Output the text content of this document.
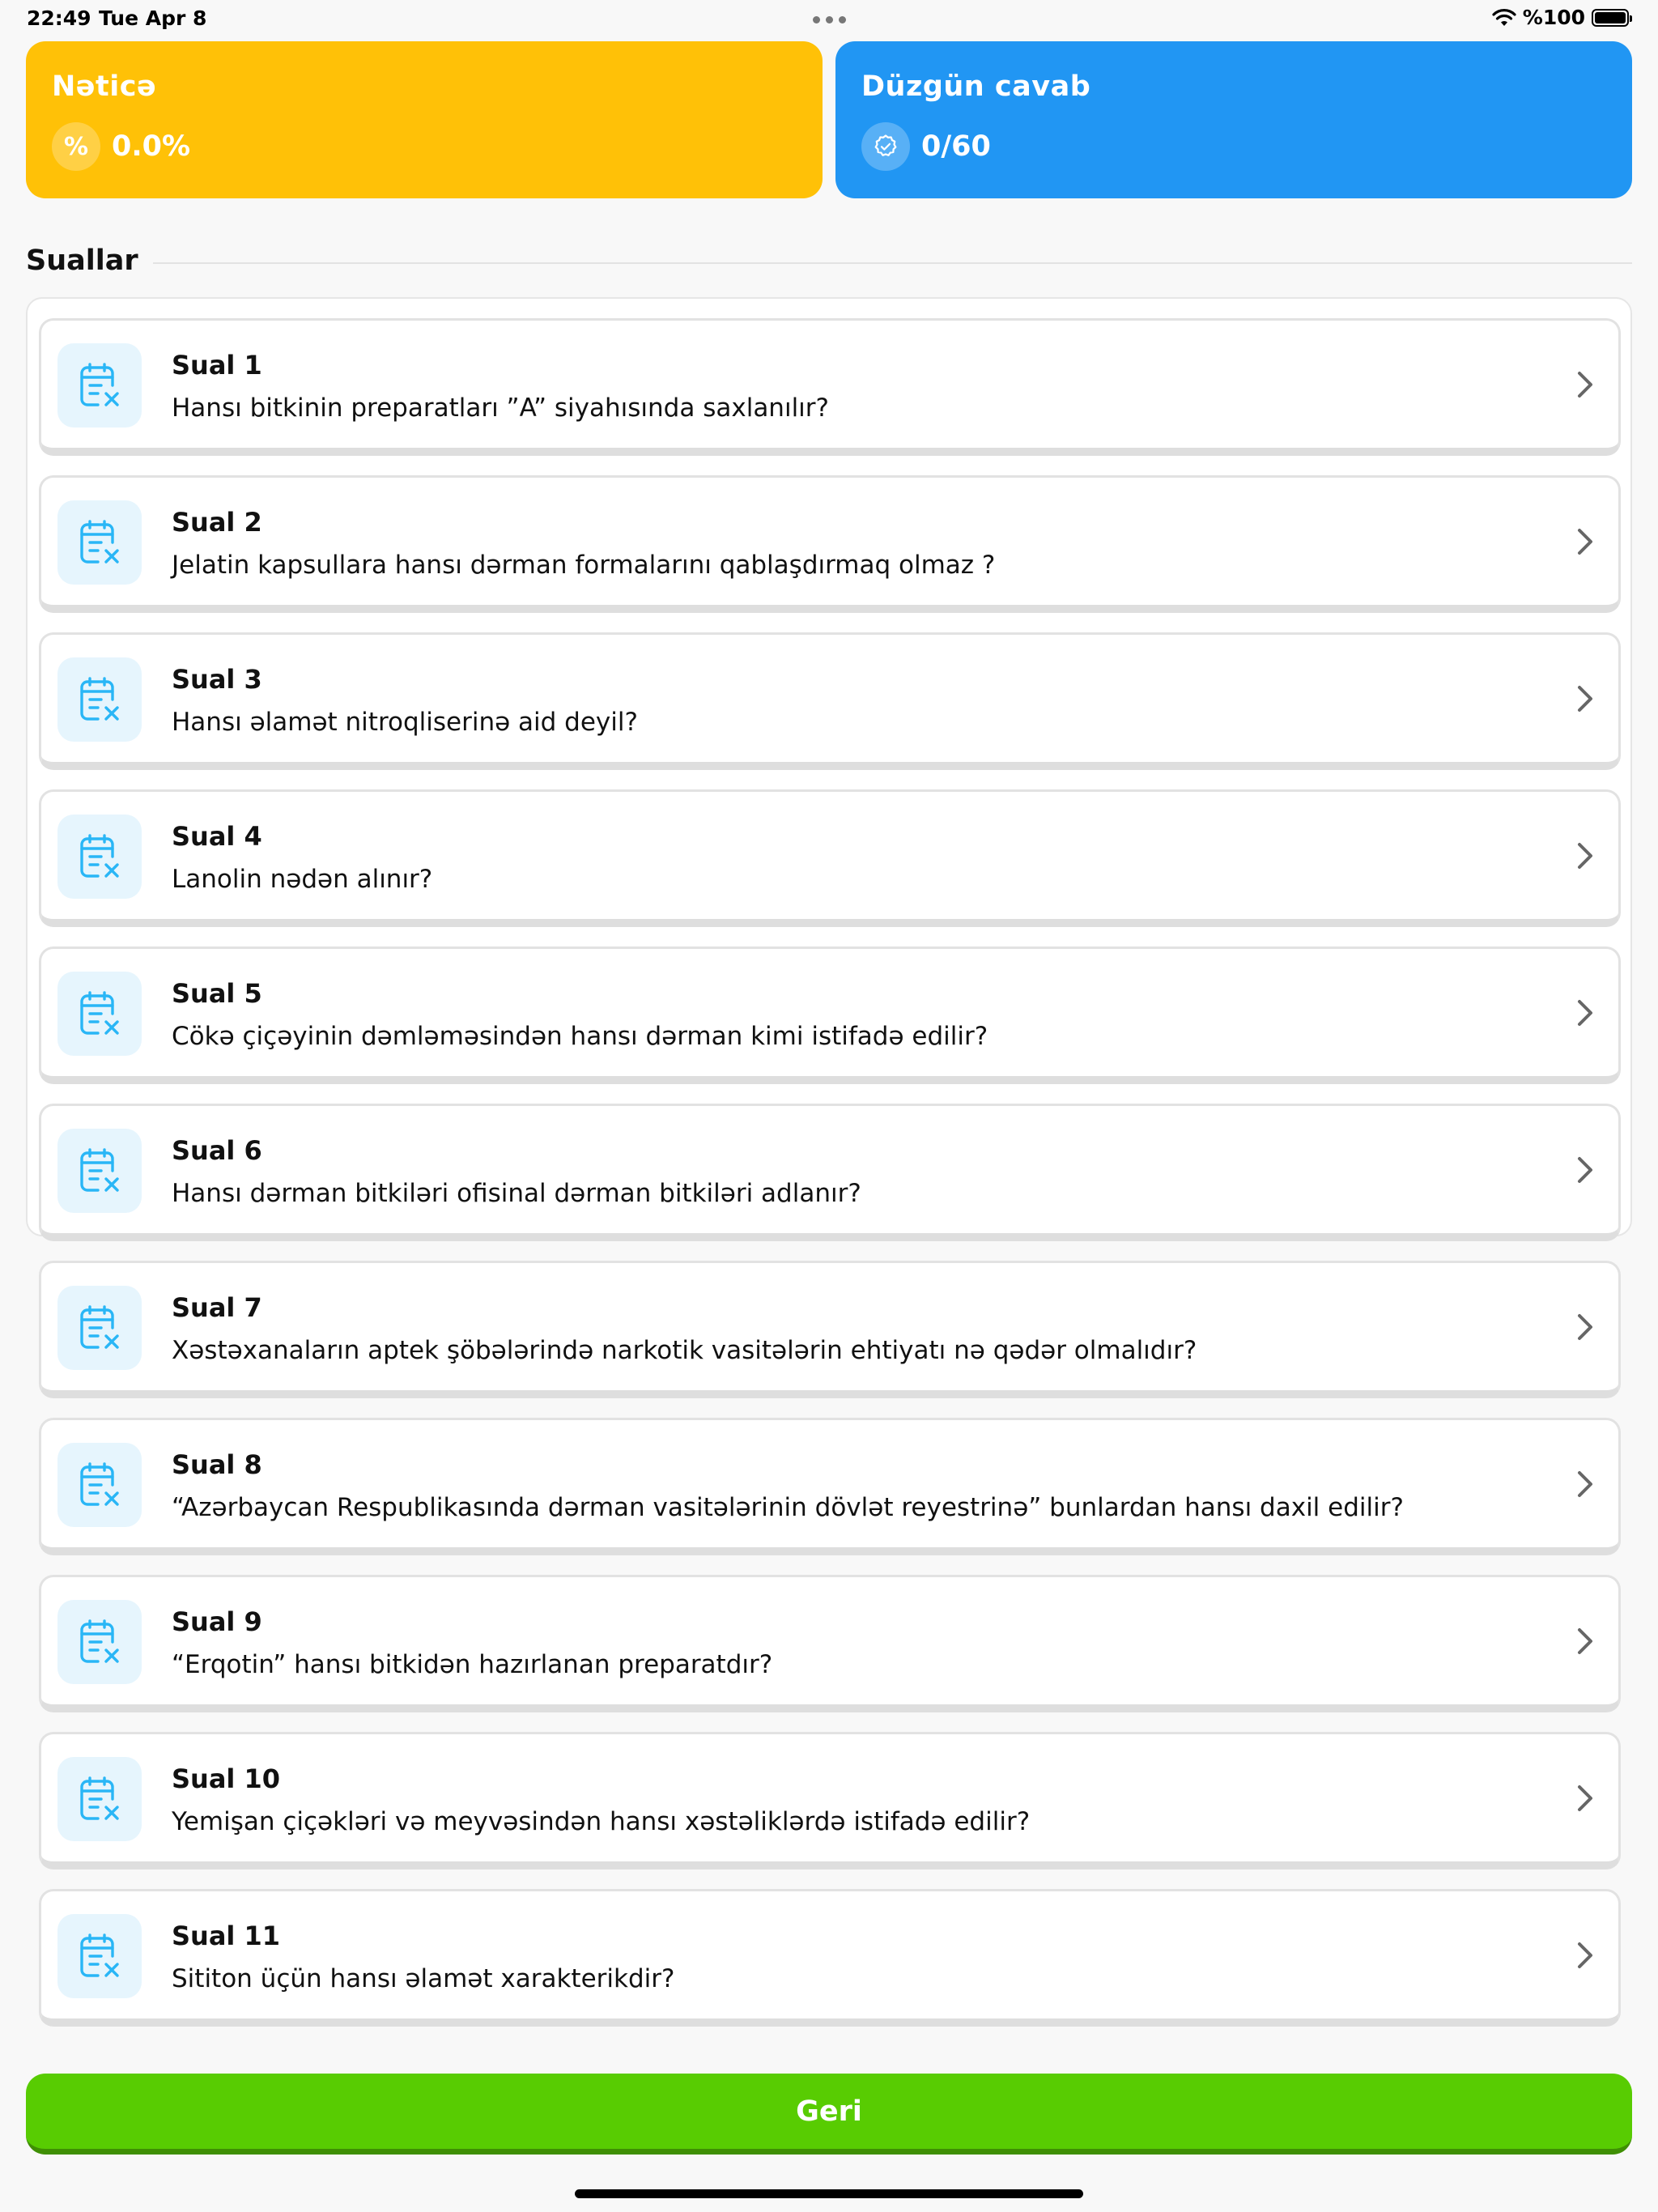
22:49 Tue Apr 8	%100
Nəticə
% 0.0%
Düzgün cavab
0/60
Suallar
Sual 1
Hansı bitkinin preparatları ”A” siyahısında saxlanılır?
Sual 2
Jelatin kapsullara hansı dərman formalarını qablaşdırmaq olmaz ?
Sual 3
Hansı əlamət nitroqliserinə aid deyil?
Sual 4
Lanolin nədən alınır?
Sual 5
Cökə çiçəyinin dəmləməsindən hansı dərman kimi istifadə edilir?
Sual 6
Hansı dərman bitkiləri ofisinal dərman bitkiləri adlanır?
Sual 7
Xəstəxanaların aptek şöbələrində narkotik vasitələrin ehtiyatı nə qədər olmalıdır?
Sual 8
“Azərbaycan Respublikasında dərman vasitələrinin dövlət reyestrinə” bunlardan hansı daxil edilir?
Sual 9
“Erqotin” hansı bitkidən hazırlanan preparatdır?
Sual 10
Yemişan çiçəkləri və meyvəsindən hansı xəstəliklərdə istifadə edilir?
Sual 11
Sititon üçün hansı əlamət xarakterikdir?
Geri
